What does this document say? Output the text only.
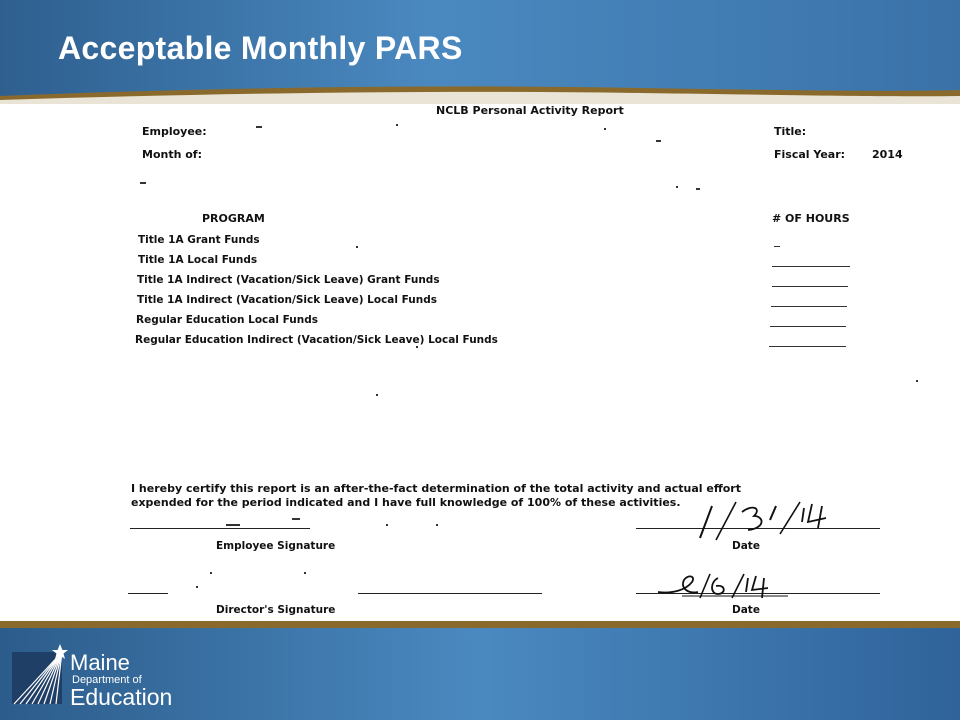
Acceptable Monthly PARS
NCLB Personal Activity Report
Employee:
Month of:
Title:
Fiscal Year: 2014
PROGRAM	# OF HOURS
Title 1A Grant Funds
Title 1A Local Funds
Title 1A Indirect (Vacation/Sick Leave) Grant Funds
Title 1A Indirect (Vacation/Sick Leave) Local Funds
Regular Education Local Funds
Regular Education Indirect (Vacation/Sick Leave) Local Funds
I hereby certify this report is an after-the-fact determination of the total activity and actual effort
expended for the period indicated and I have full knowledge of 100% of these activities.
Employee Signature	Date
Director's Signature	Date
Maine
Department of
Education
